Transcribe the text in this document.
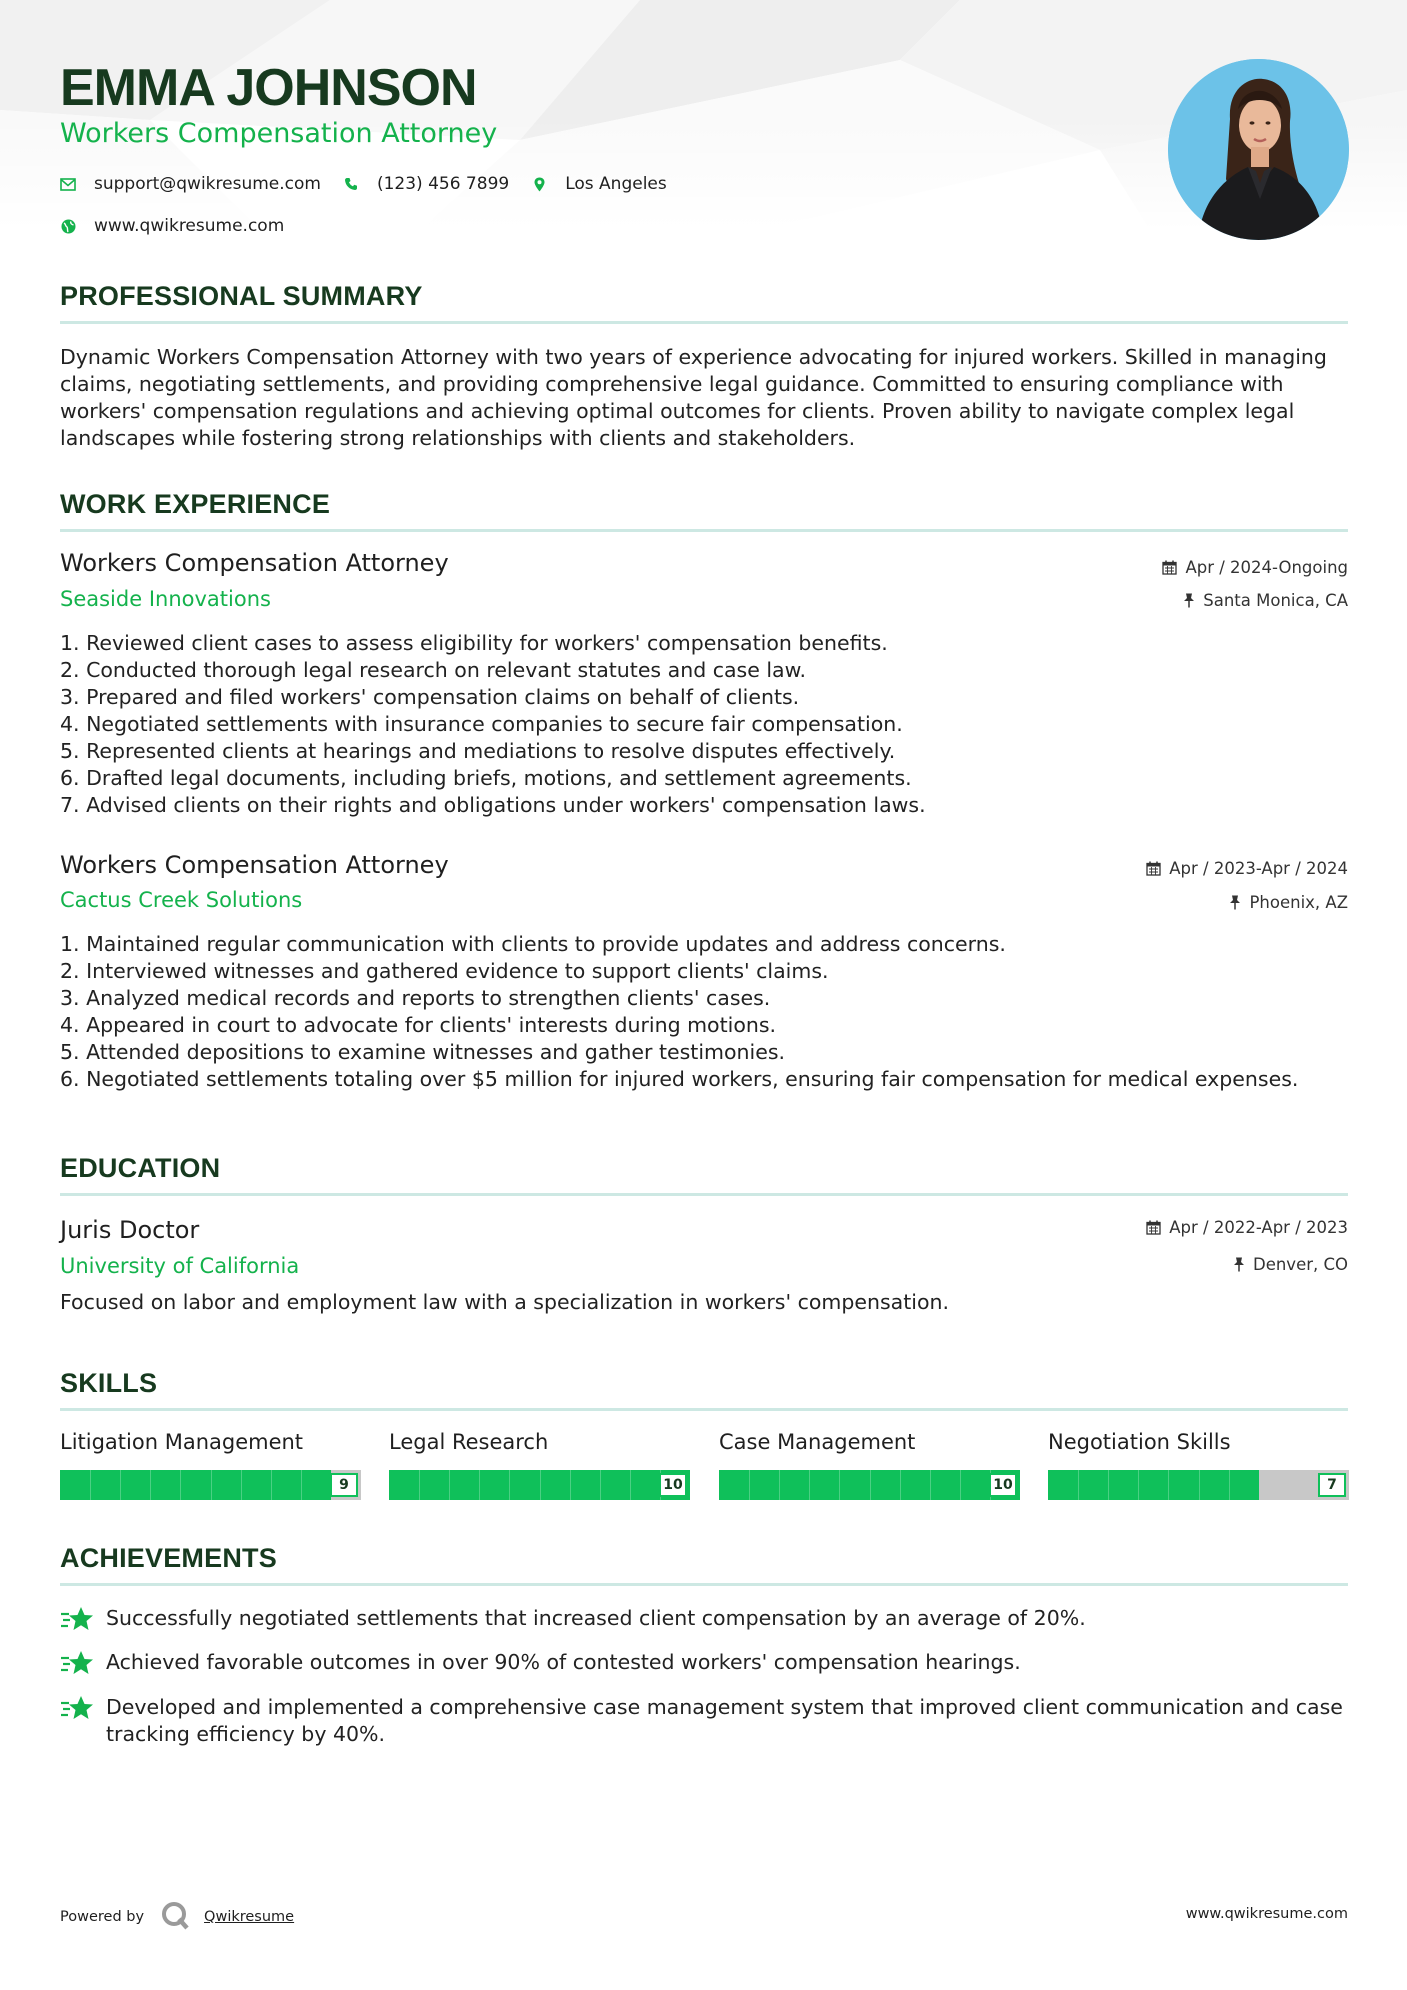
EMMA JOHNSON
Workers Compensation Attorney
support@qwikresume.com	(123) 456 7899	Los Angeles
www.qwikresume.com
PROFESSIONAL SUMMARY
Dynamic Workers Compensation Attorney with two years of experience advocating for injured workers. Skilled in managing claims, negotiating settlements, and providing comprehensive legal guidance. Committed to ensuring compliance with workers' compensation regulations and achieving optimal outcomes for clients. Proven ability to navigate complex legal landscapes while fostering strong relationships with clients and stakeholders.
WORK EXPERIENCE
Workers Compensation Attorney
Seaside Innovations
Apr / 2024-Ongoing
Santa Monica, CA
1. Reviewed client cases to assess eligibility for workers' compensation benefits.
2. Conducted thorough legal research on relevant statutes and case law.
3. Prepared and filed workers' compensation claims on behalf of clients.
4. Negotiated settlements with insurance companies to secure fair compensation.
5. Represented clients at hearings and mediations to resolve disputes effectively.
6. Drafted legal documents, including briefs, motions, and settlement agreements.
7. Advised clients on their rights and obligations under workers' compensation laws.
Workers Compensation Attorney
Cactus Creek Solutions
Apr / 2023-Apr / 2024
Phoenix, AZ
1. Maintained regular communication with clients to provide updates and address concerns.
2. Interviewed witnesses and gathered evidence to support clients' claims.
3. Analyzed medical records and reports to strengthen clients' cases.
4. Appeared in court to advocate for clients' interests during motions.
5. Attended depositions to examine witnesses and gather testimonies.
6. Negotiated settlements totaling over $5 million for injured workers, ensuring fair compensation for medical expenses.
EDUCATION
Juris Doctor
University of California
Apr / 2022-Apr / 2023
Denver, CO
Focused on labor and employment law with a specialization in workers' compensation.
SKILLS
Litigation Management
9
Legal Research
10
Case Management
10
Negotiation Skills
7
ACHIEVEMENTS
Successfully negotiated settlements that increased client compensation by an average of 20%.
Achieved favorable outcomes in over 90% of contested workers' compensation hearings.
Developed and implemented a comprehensive case management system that improved client communication and case tracking efficiency by 40%.
Powered by	Qwikresume	www.qwikresume.com
